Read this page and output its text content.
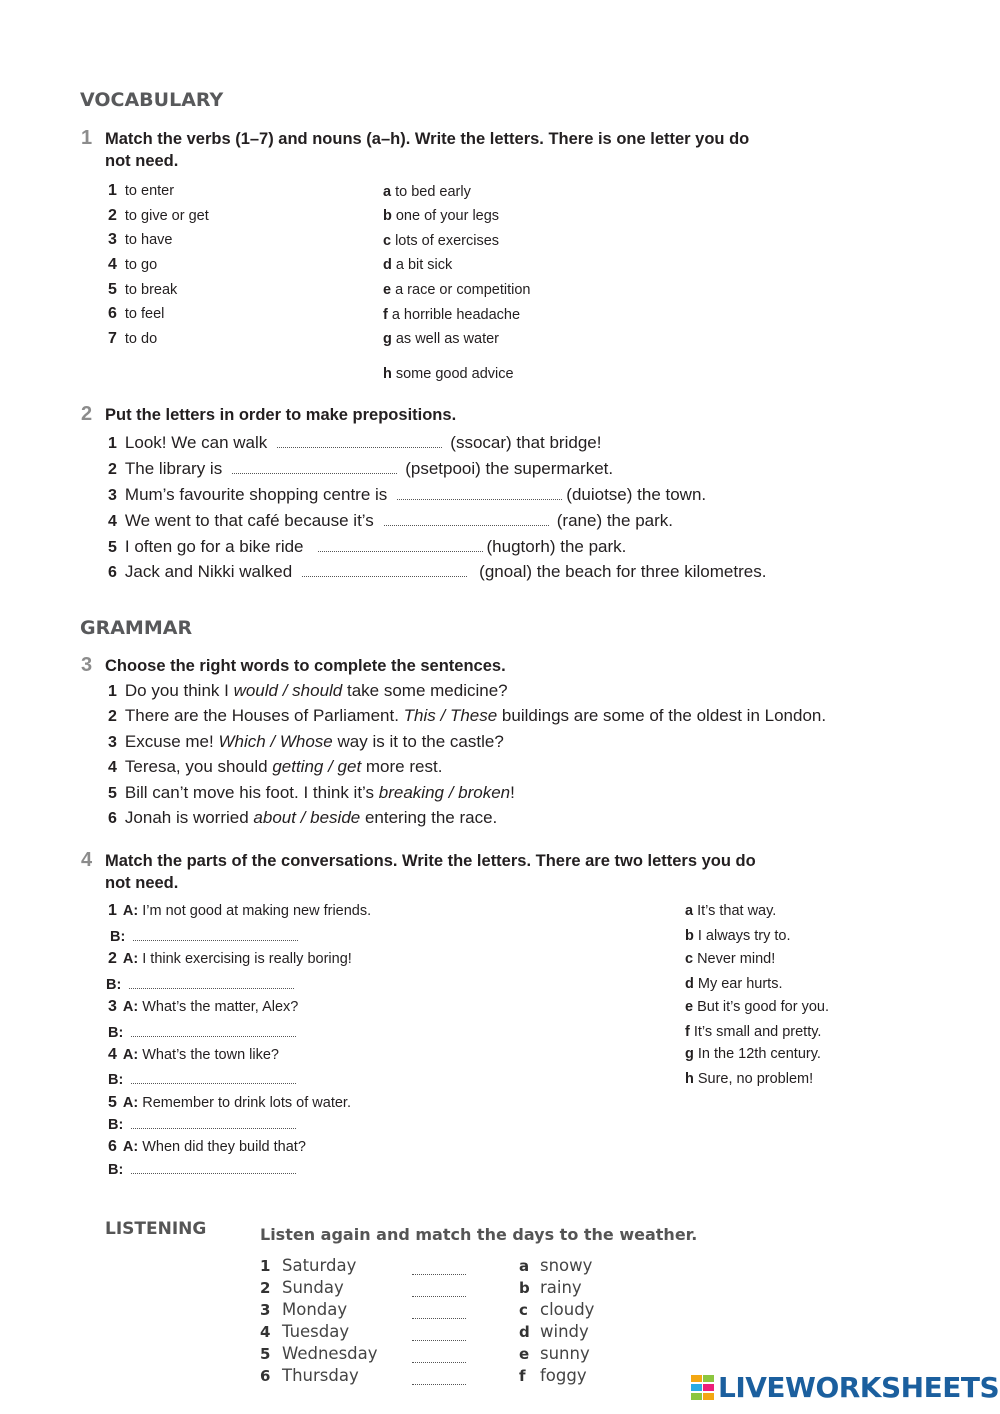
VOCABULARY
1 Match the verbs (1–7) and nouns (a–h). Write the letters. There is one letter you do
not need.
1 to enter
2 to give or get
3 to have
4 to go
5 to break
6 to feel
7 to do
a to bed early
b one of your legs
c lots of exercises
d a bit sick
e a race or competition
f a horrible headache
g as well as water
h some good advice
2 Put the letters in order to make prepositions.
1 Look! We can walk	(ssocar) that bridge!
2 The library is	(psetpooi) the supermarket.
3 Mum’s favourite shopping centre is	(duiotse) the town.
4 We went to that café because it’s	(rane) the park.
5 I often go for a bike ride	(hugtorh) the park.
6 Jack and Nikki walked	(gnoal) the beach for three kilometres.
GRAMMAR
3 Choose the right words to complete the sentences.
1 Do you think I would / should take some medicine?
2 There are the Houses of Parliament. This / These buildings are some of the oldest in London.
3 Excuse me! Which / Whose way is it to the castle?
4 Teresa, you should getting / get more rest.
5 Bill can’t move his foot. I think it’s breaking / broken!
6 Jonah is worried about / beside entering the race.
4 Match the parts of the conversations. Write the letters. There are two letters you do
not need.
1 A: I’m not good at making new friends.
B:
2 A: I think exercising is really boring!
B:
3 A: What’s the matter, Alex?
B:
4 A: What’s the town like?
B:
5 A: Remember to drink lots of water.
B:
6 A: When did they build that?
B:
a It’s that way.
b I always try to.
c Never mind!
d My ear hurts.
e But it’s good for you.
f It’s small and pretty.
g In the 12th century.
h Sure, no problem!
LISTENING	Listen again and match the days to the weather.
1 Saturday
2 Sunday
3 Monday
4 Tuesday
5 Wednesday
6 Thursday
a snowy
b rainy
c cloudy
d windy
e sunny
f foggy	LIVEWORKSHEETS
